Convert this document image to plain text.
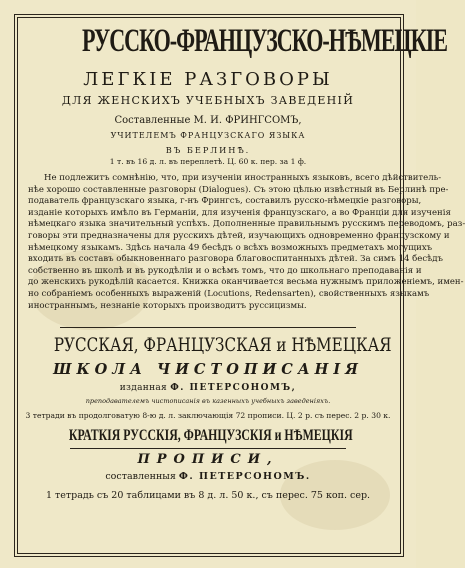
РУССКО-ФРАНЦУЗСКО-НѢМЕЦКIЕ
ЛЕГКIЕ РАЗГОВОРЫ
ДЛЯ ЖЕНСКИХЪ УЧЕБНЫХЪ ЗАВЕДЕНIЙ
Составленные М. И. ФРИНГСОМЪ,
УЧИТЕЛЕМЪ ФРАНЦУЗСКАГО ЯЗЫКА
ВЪ БЕРЛИНѢ.
1 т. въ 16 д. л. въ переплетѣ. Ц. 60 к. пер. за 1 ф.
Не подлежитъ сомнѣнiю, что, при изученiи иностранныхъ языковъ, всего дѣйствитель-
нѣе хорошо составленные разговоры (Dialogues). Съ этою цѣлью извѣстный въ Берлинѣ пре-
подаватель французскаго языка, г-нъ Фрингсъ, составилъ русско-нѣмецкiе разговоры,
изданiе которыхъ имѣло въ Германiи, для изученiя французскаго, а во Францiи для изученiя
нѣмецкаго языка значительный успѣхъ. Дополненные правильнымъ русскимъ переводомъ, раз-
говоры эти предназначены для русскихъ дѣтей, изучающихъ одновременно французскому и
нѣмецкому языкамъ. Здѣсь начала 49 бесѣдъ о всѣхъ возможныхъ предметахъ могущихъ
входить въ составъ обыкновеннаго разговора благовоспитанныхъ дѣтей. За симъ 14 бесѣдъ
собственно въ школѣ и въ рукодѣлiи и о всѣмъ томъ, что до школьнаго преподаванiя и
до женскихъ рукодѣлiй касается. Книжка оканчивается весьма нужнымъ приложенiемъ, имен-
но собранiемъ особенныхъ выраженiй (Locutions, Redensarten), свойственныхъ языкамъ
иностраннымъ, незнанiе которыхъ производитъ руссицизмы.
РУССКАЯ, ФРАНЦУЗСКАЯ и НѢМЕЦКАЯ
ШКОЛА ЧИСТОПИСАНIЯ
изданная Ф. ПЕТЕРСОНОМЪ,
преподавателемъ чистописанiя въ казенныхъ учебныхъ заведенiяхъ.
3 тетради въ продолговатую 8-ю д. л. заключающiя 72 прописи. Ц. 2 р. съ перес. 2 р. 30 к.
КРАТКIЯ РУССКIЯ, ФРАНЦУЗСКIЯ и НѢМЕЦКIЯ
ПРОПИСИ,
составленныя Ф. ПЕТЕРСОНОМЪ.
1 тетрадь съ 20 таблицами въ 8 д. л. 50 к., съ перес. 75 коп. сер.
